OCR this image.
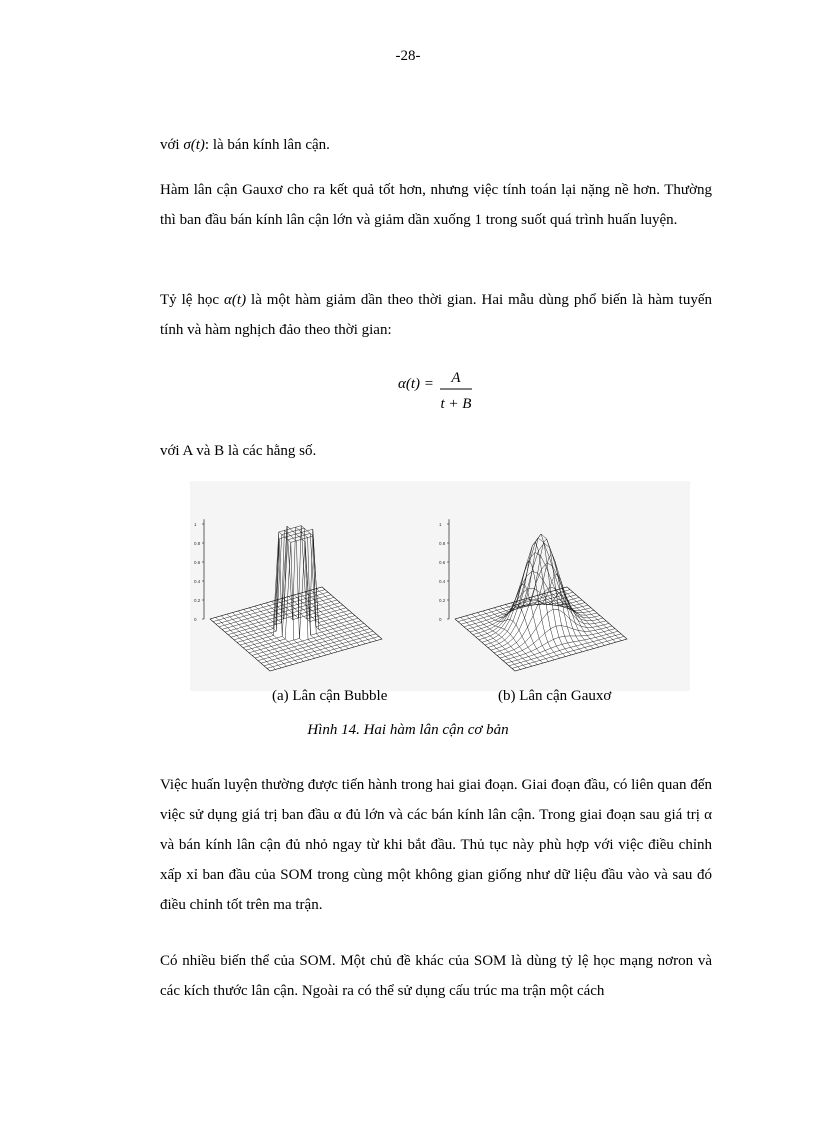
-28-

với σ(t): là bán kính lân cận.

Hàm lân cận Gauxơ cho ra kết quả tốt hơn, nhưng việc tính toán lại nặng nề hơn. Thường thì ban đầu bán kính lân cận lớn và giảm dần xuống 1 trong suốt quá trình huấn luyện.

Tỷ lệ học α(t) là một hàm giảm dần theo thời gian. Hai mẫu dùng phổ biến là hàm tuyến tính và hàm nghịch đảo theo thời gian:

α(t) = A
t + B

với A và B là các hằng số.

1
0.8
0.6
0.4
0.2
0
1
0.8
0.6
0.4
0.2
0
(a) Lân cận Bubble	(b) Lân cận Gauxơ
Hình 14. Hai hàm lân cận cơ bản

Việc huấn luyện thường được tiến hành trong hai giai đoạn. Giai đoạn đầu, có liên quan đến việc sử dụng giá trị ban đầu α đủ lớn và các bán kính lân cận. Trong giai đoạn sau giá trị α và bán kính lân cận đủ nhỏ ngay từ khi bắt đầu. Thủ tục này phù hợp với việc điều chỉnh xấp xỉ ban đầu của SOM trong cùng một không gian giống như dữ liệu đầu vào và sau đó điều chỉnh tốt trên ma trận.

Có nhiều biến thể của SOM. Một chủ đề khác của SOM là dùng tỷ lệ học mạng nơron và các kích thước lân cận. Ngoài ra có thể sử dụng cấu trúc ma trận một cách
